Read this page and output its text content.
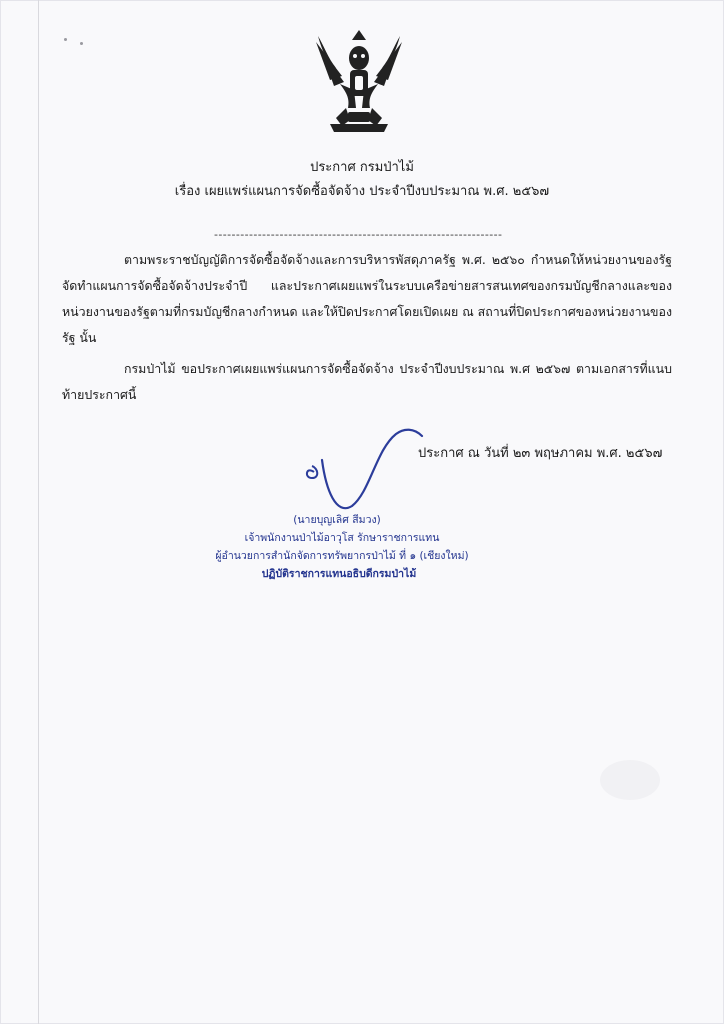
ประกาศ กรมป่าไม้
เรื่อง เผยแพร่แผนการจัดซื้อจัดจ้าง ประจำปีงบประมาณ พ.ศ. ๒๕๖๗
------------------------------------------------------------------

ตามพระราชบัญญัติการจัดซื้อจัดจ้างและการบริหารพัสดุภาครัฐ พ.ศ. ๒๕๖๐ กำหนดให้หน่วยงานของรัฐจัดทำแผนการจัดซื้อจัดจ้างประจำปี และประกาศเผยแพร่ในระบบเครือข่ายสารสนเทศของกรมบัญชีกลางและของหน่วยงานของรัฐตามที่กรมบัญชีกลางกำหนด และให้ปิดประกาศโดยเปิดเผย ณ สถานที่ปิดประกาศของหน่วยงานของรัฐ นั้น

กรมป่าไม้ ขอประกาศเผยแพร่แผนการจัดซื้อจัดจ้าง ประจำปีงบประมาณ พ.ศ ๒๕๖๗ ตามเอกสารที่แนบท้ายประกาศนี้

ประกาศ ณ วันที่ ๒๓ พฤษภาคม พ.ศ. ๒๕๖๗
(นายบุญเลิศ สีมวง)
เจ้าพนักงานป่าไม้อาวุโส รักษาราชการแทน
ผู้อำนวยการสำนักจัดการทรัพยากรป่าไม้ ที่ ๑ (เชียงใหม่)
ปฏิบัติราชการแทนอธิบดีกรมป่าไม้
